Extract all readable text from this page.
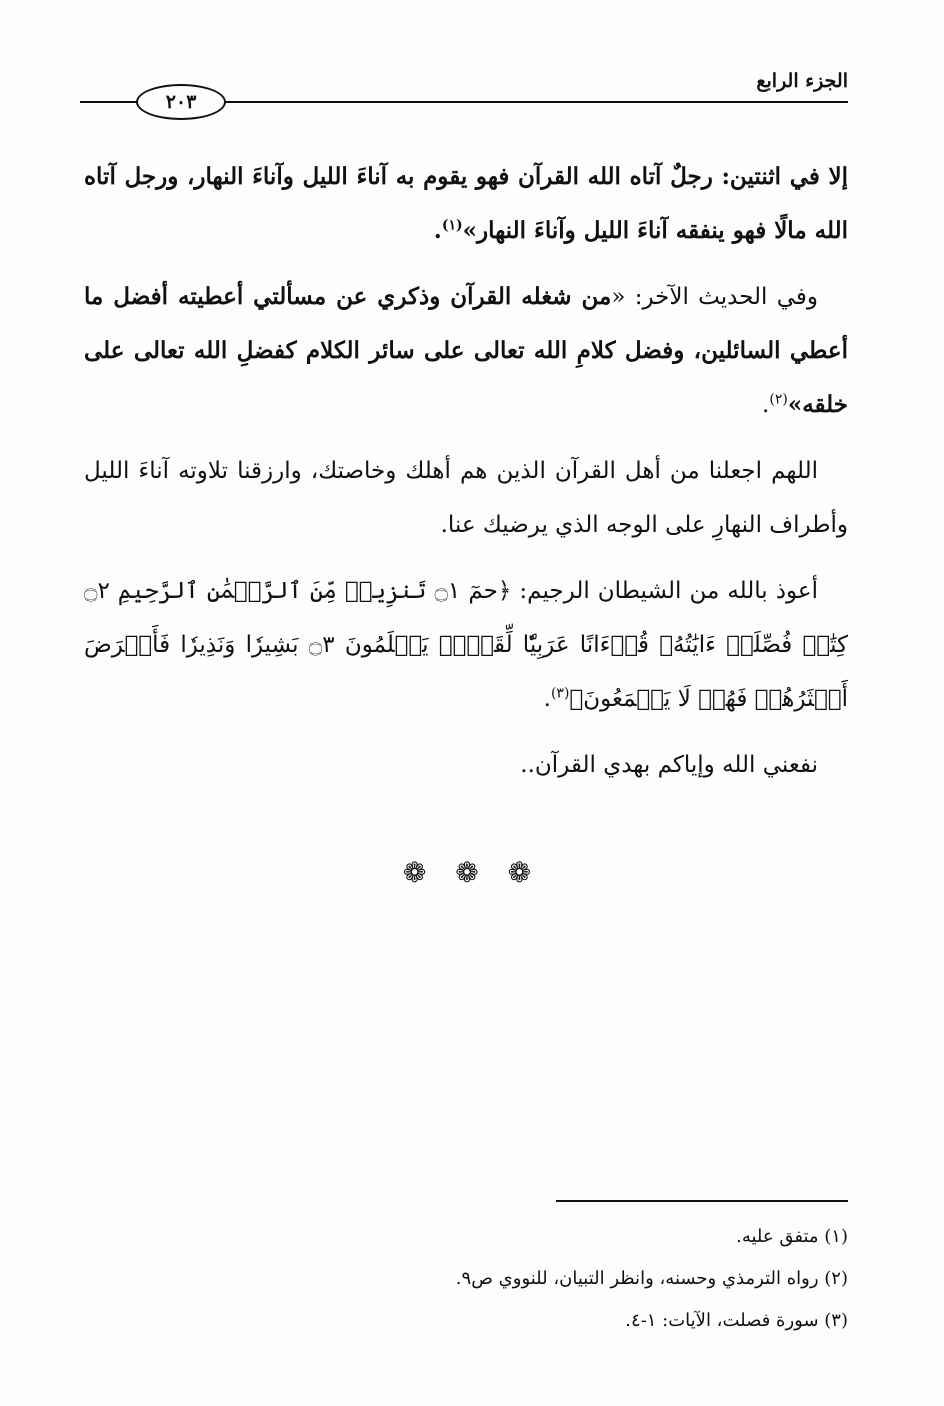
الجزء الرابع
٢٠٣

إلا في اثنتين: رجلٌ آتاه الله القرآن فهو يقوم به آناءَ الليل وآناءَ النهار، ورجل آتاه الله مالًا فهو ينفقه آناءَ الليل وآناءَ النهار»$^{(١)}$.

وفي الحديث الآخر: «من شغله القرآن وذكري عن مسألتي أعطيته أفضل ما أعطي السائلين، وفضل كلامِ الله تعالى على سائر الكلام كفضلِ الله تعالى على خلقه»$^{(٢)}$.

اللهم اجعلنا من أهل القرآن الذين هم أهلك وخاصتك، وارزقنا تلاوته آناءَ الليل وأطراف النهارِ على الوجه الذي يرضيك عنا.

أعوذ بالله من الشيطان الرجيم: ﴿حمٓ ۝١ تَنزِيلٞ مِّنَ ٱلرَّحۡمَٰنِ ٱلرَّحِيمِ ۝٢ كِتَٰبٞ فُصِّلَتۡ ءَايَٰتُهُۥ قُرۡءَانًا عَرَبِيّٗا لِّقَوۡمٖ يَعۡلَمُونَ ۝٣ بَشِيرٗا وَنَذِيرٗا فَأَعۡرَضَ أَكۡثَرُهُمۡ فَهُمۡ لَا يَسۡمَعُونَ﴾$^{(٣)}$.

نفعني الله وإياكم بهدي القرآن..

❁ ❁ ❁
(١) متفق عليه.
(٢) رواه الترمذي وحسنه، وانظر التبيان، للنووي ص٩.
(٣) سورة فصلت، الآيات: ١-٤.
